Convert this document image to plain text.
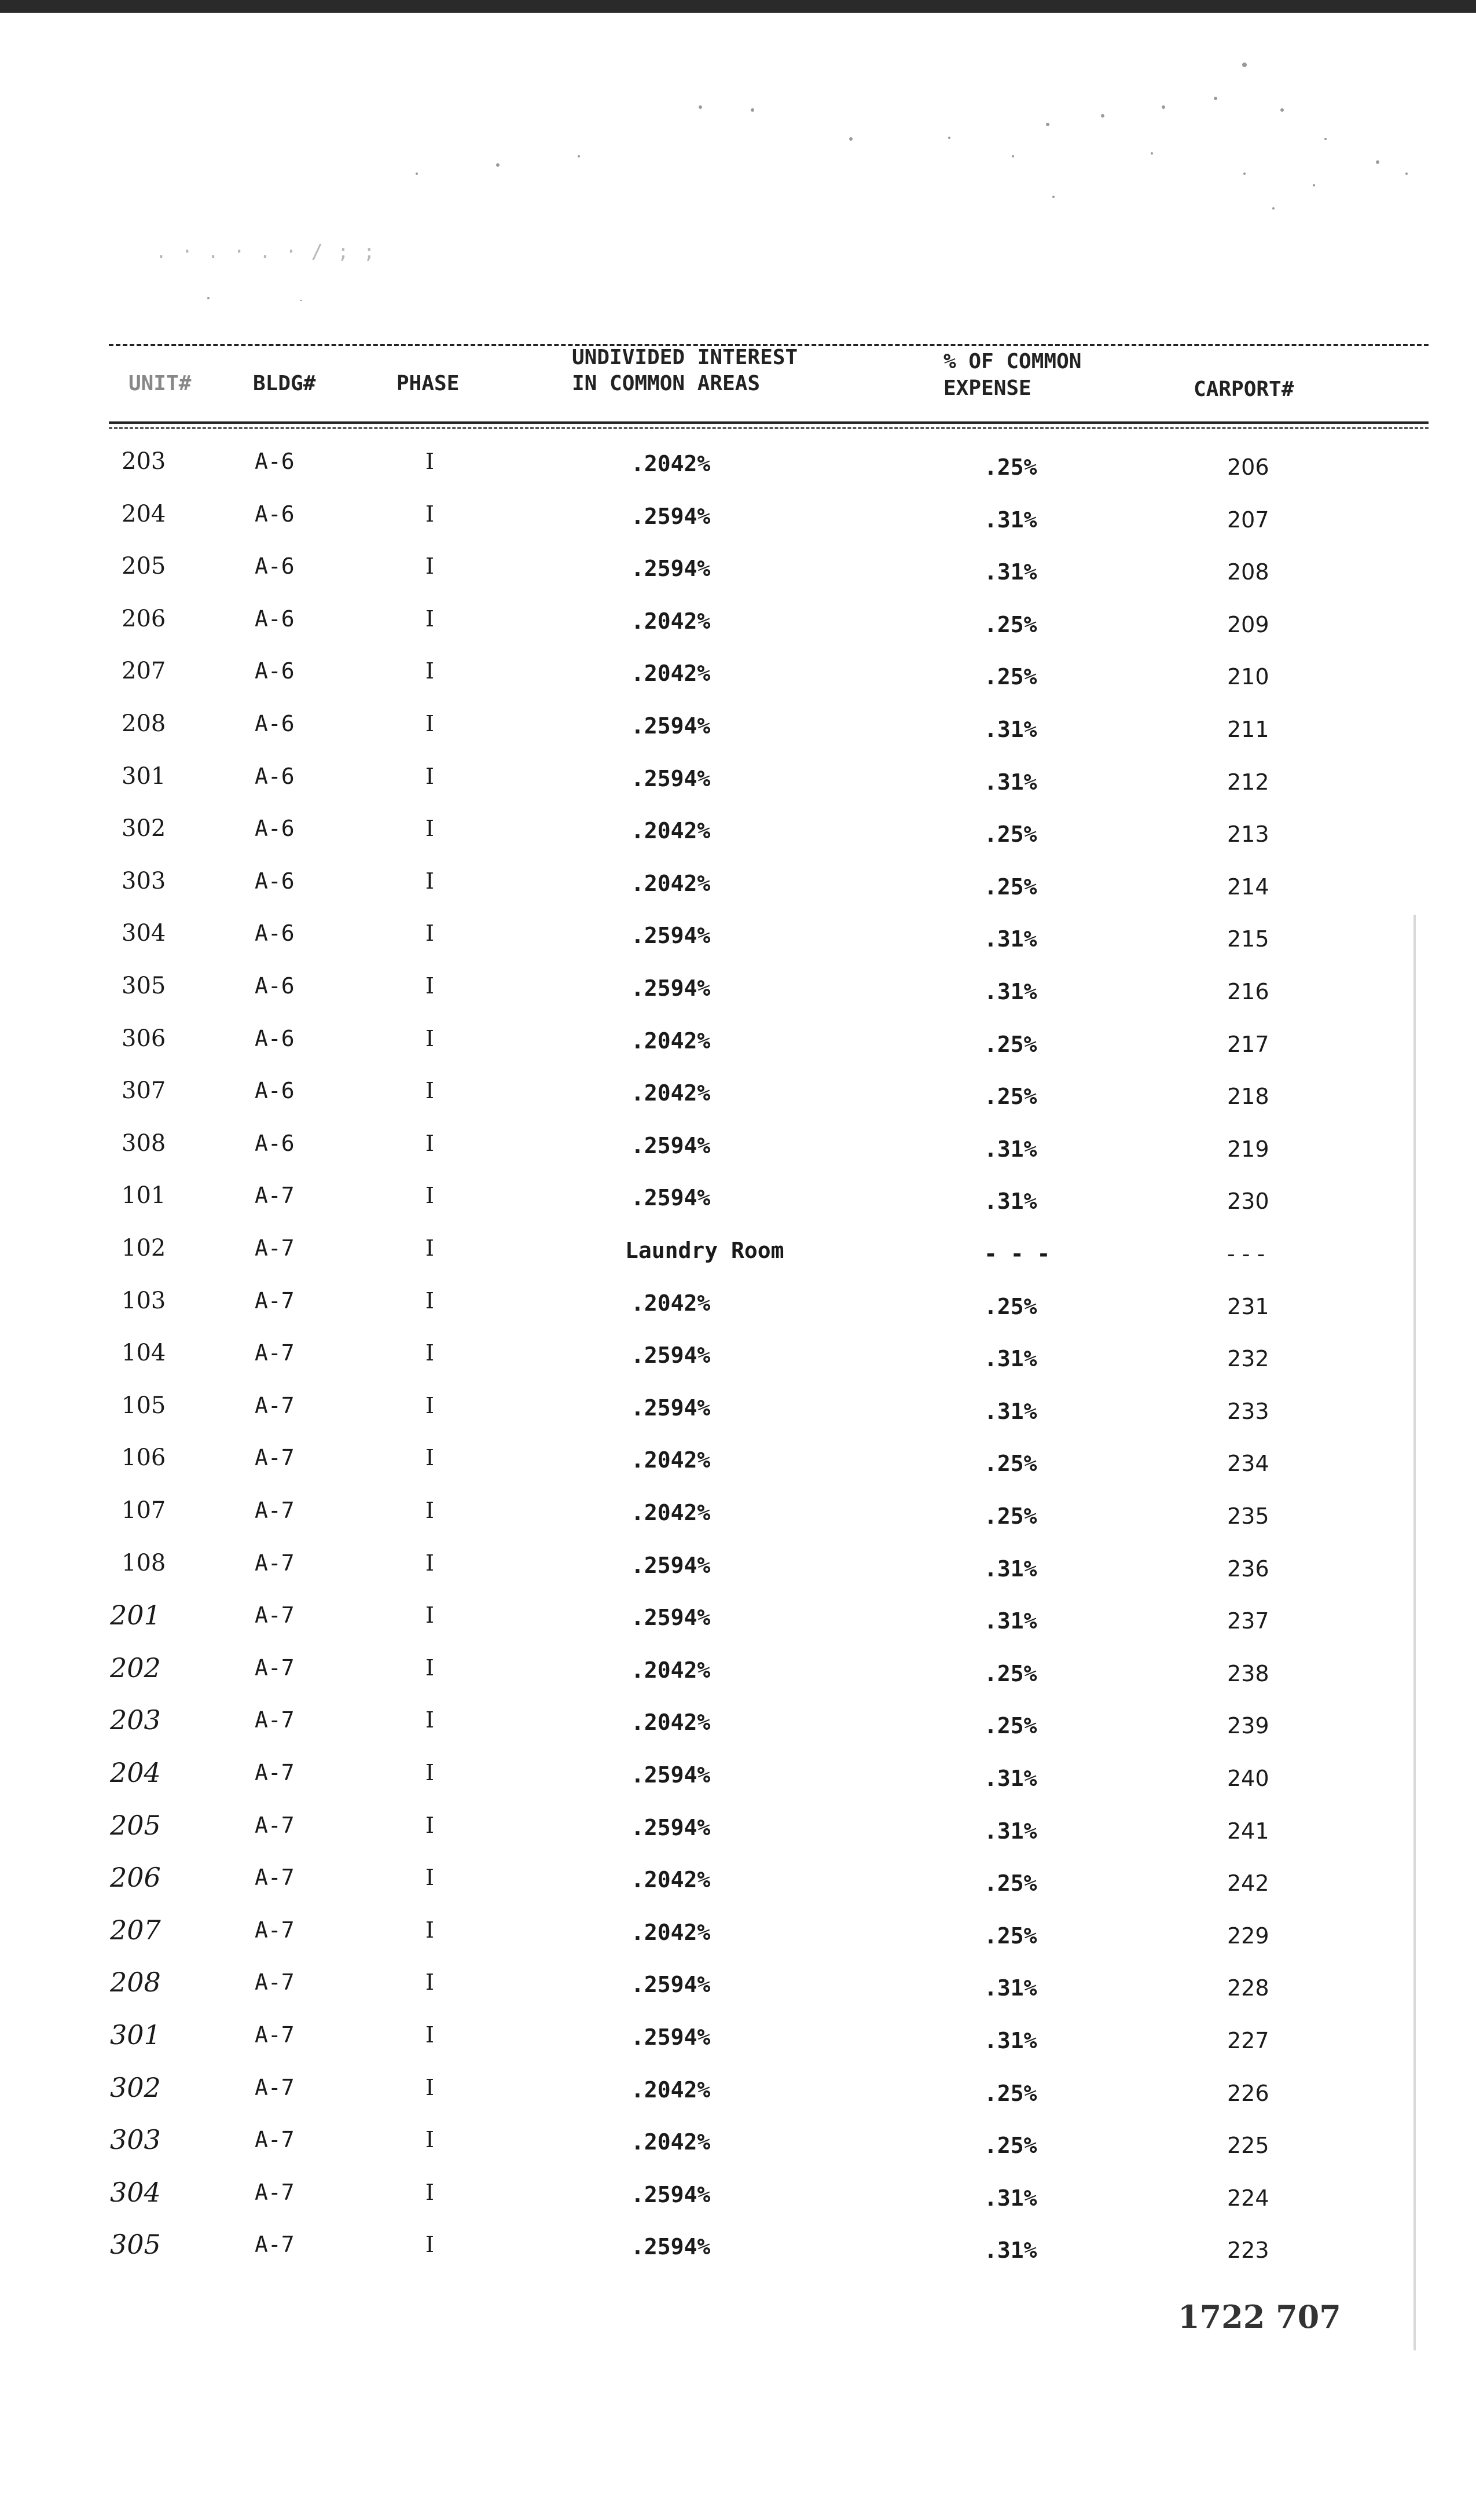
. · . · . · / ; ;
UNIT#	BLDG#	PHASE
UNDIVIDED INTEREST
IN COMMON AREAS
% OF COMMON
EXPENSE	CARPORT#
203	A-6	I	.2042%	.25%	206
204	A-6	I	.2594%	.31%	207
205	A-6	I	.2594%	.31%	208
206	A-6	I	.2042%	.25%	209
207	A-6	I	.2042%	.25%	210
208	A-6	I	.2594%	.31%	211
301	A-6	I	.2594%	.31%	212
302	A-6	I	.2042%	.25%	213
303	A-6	I	.2042%	.25%	214
304	A-6	I	.2594%	.31%	215
305	A-6	I	.2594%	.31%	216
306	A-6	I	.2042%	.25%	217
307	A-6	I	.2042%	.25%	218
308	A-6	I	.2594%	.31%	219
101	A-7	I	.2594%	.31%	230
102	A-7	I	Laundry Room	- - -	- - -
103	A-7	I	.2042%	.25%	231
104	A-7	I	.2594%	.31%	232
105	A-7	I	.2594%	.31%	233
106	A-7	I	.2042%	.25%	234
107	A-7	I	.2042%	.25%	235
108	A-7	I	.2594%	.31%	236
201	A-7	I	.2594%	.31%	237
202	A-7	I	.2042%	.25%	238
203	A-7	I	.2042%	.25%	239
204	A-7	I	.2594%	.31%	240
205	A-7	I	.2594%	.31%	241
206	A-7	I	.2042%	.25%	242
207	A-7	I	.2042%	.25%	229
208	A-7	I	.2594%	.31%	228
301	A-7	I	.2594%	.31%	227
302	A-7	I	.2042%	.25%	226
303	A-7	I	.2042%	.25%	225
304	A-7	I	.2594%	.31%	224
305	A-7	I	.2594%	.31%	223
1722 707
